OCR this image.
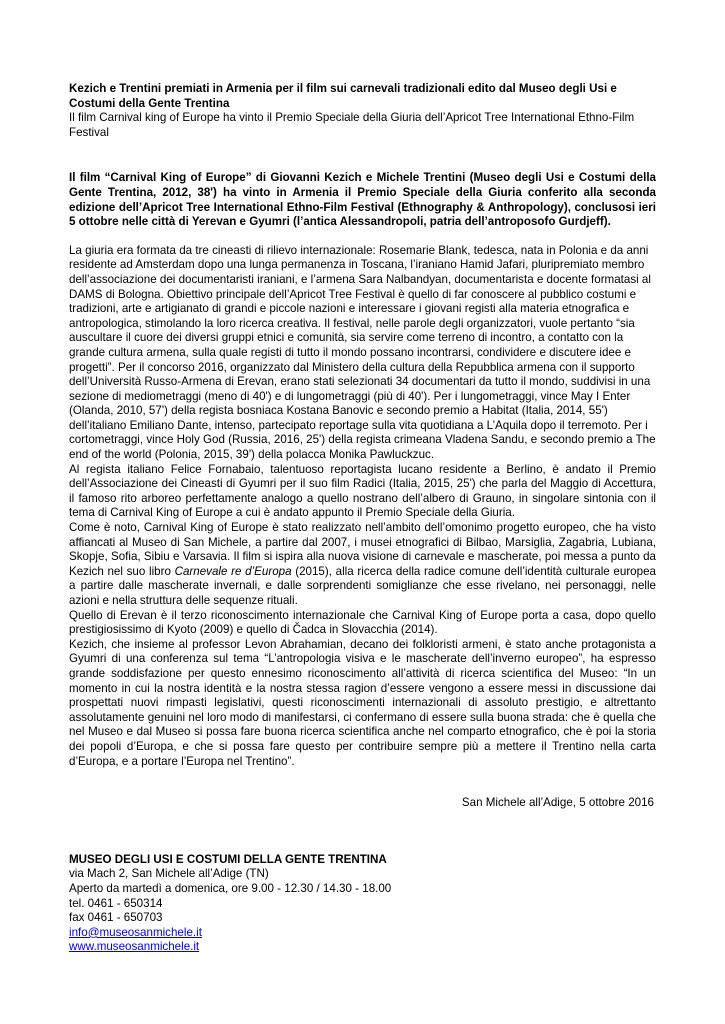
Kezich e Trentini premiati in Armenia per il film sui carnevali tradizionali edito dal Museo degli Usi e Costumi della Gente Trentina

Il film Carnival king of Europe ha vinto il Premio Speciale della Giuria dell’Apricot Tree International Ethno-Film Festival

Il film “Carnival King of Europe” di Giovanni Kezich e Michele Trentini (Museo degli Usi e Costumi della Gente Trentina, 2012, 38') ha vinto in Armenia il Premio Speciale della Giuria conferito alla seconda edizione dell’Apricot Tree International Ethno-Film Festival (Ethnography & Anthropology), conclusosi ieri 5 ottobre nelle città di Yerevan e Gyumri (l’antica Alessandropoli, patria dell’antroposofo Gurdjeff).

La giuria era formata da tre cineasti di rilievo internazionale: Rosemarie Blank, tedesca, nata in Polonia e da anni residente ad Amsterdam dopo una lunga permanenza in Toscana, l’iraniano Hamid Jafari, pluripremiato membro dell’associazione dei documentaristi iraniani, e l’armena Sara Nalbandyan, documentarista e docente formatasi al DAMS di Bologna. Obiettivo principale dell’Apricot Tree Festival è quello di far conoscere al pubblico costumi e tradizioni, arte e artigianato di grandi e piccole nazioni e interessare i giovani registi alla materia etnografica e antropologica, stimolando la loro ricerca creativa. Il festival, nelle parole degli organizzatori, vuole pertanto “sia auscultare il cuore dei diversi gruppi etnici e comunità, sia servire come terreno di incontro, a contatto con la grande cultura armena, sulla quale registi di tutto il mondo possano incontrarsi, condividere e discutere idee e progetti”. Per il concorso 2016, organizzato dal Ministero della cultura della Repubblica armena con il supporto dell’Università Russo-Armena di Erevan, erano stati selezionati 34 documentari da tutto il mondo, suddivisi in una sezione di mediometraggi (meno di 40') e di lungometraggi (più di 40'). Per i lungometraggi, vince May I Enter (Olanda, 2010, 57') della regista bosniaca Kostana Banovic e secondo premio a Habitat (Italia, 2014, 55') dell’italiano Emiliano Dante, intenso, partecipato reportage sulla vita quotidiana a L’Aquila dopo il terremoto. Per i cortometraggi, vince Holy God (Russia, 2016, 25') della regista crimeana Vladena Sandu, e secondo premio a The end of the world (Polonia, 2015, 39') della polacca Monika Pawluckzuc.

Al regista italiano Felice Fornabaio, talentuoso reportagista lucano residente a Berlino, è andato il Premio dell’Associazione dei Cineasti di Gyumri per il suo film Radici (Italia, 2015, 25') che parla del Maggio di Accettura, il famoso rito arboreo perfettamente analogo a quello nostrano dell’albero di Grauno, in singolare sintonia con il tema di Carnival King of Europe a cui è andato appunto il Premio Speciale della Giuria.

Come è noto, Carnival King of Europe è stato realizzato nell’ambito dell’omonimo progetto europeo, che ha visto affiancati al Museo di San Michele, a partire dal 2007, i musei etnografici di Bilbao, Marsiglia, Zagabria, Lubiana, Skopje, Sofia, Sibiu e Varsavia. Il film si ispira alla nuova visione di carnevale e mascherate, poi messa a punto da Kezich nel suo libro Carnevale re d’Europa (2015), alla ricerca della radice comune dell’identità culturale europea a partire dalle mascherate invernali, e dalle sorprendenti somiglianze che esse rivelano, nei personaggi, nelle azioni e nella struttura delle sequenze rituali.

Quello di Erevan è il terzo riconoscimento internazionale che Carnival King of Europe porta a casa, dopo quello prestigiosissimo di Kyoto (2009) e quello di Čadca in Slovacchia (2014).

Kezich, che insieme al professor Levon Abrahamian, decano dei folkloristi armeni, è stato anche protagonista a Gyumri di una conferenza sul tema “L’antropologia visiva e le mascherate dell’inverno europeo”, ha espresso grande soddisfazione per questo ennesimo riconoscimento all’attività di ricerca scientifica del Museo: “In un momento in cui la nostra identità e la nostra stessa ragion d’essere vengono a essere messi in discussione dai prospettati nuovi rimpasti legislativi, questi riconoscimenti internazionali di assoluto prestigio, e altrettanto assolutamente genuini nel loro modo di manifestarsi, ci confermano di essere sulla buona strada: che è quella che nel Museo e dal Museo si possa fare buona ricerca scientifica anche nel comparto etnografico, che è poi la storia dei popoli d’Europa, e che si possa fare questo per contribuire sempre più a mettere il Trentino nella carta d’Europa, e a portare l’Europa nel Trentino”.

San Michele all’Adige, 5 ottobre 2016

MUSEO DEGLI USI E COSTUMI DELLA GENTE TRENTINA

via Mach 2, San Michele all’Adige (TN)

Aperto da martedì a domenica, ore 9.00 - 12.30 / 14.30 - 18.00

tel. 0461 - 650314

fax 0461 - 650703

info@museosanmichele.it

www.museosanmichele.it
